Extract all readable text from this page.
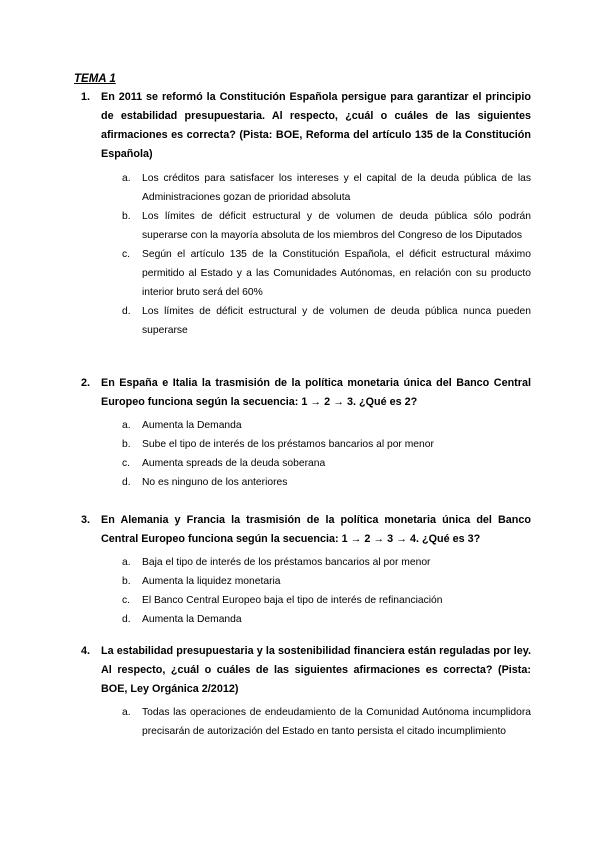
TEMA 1
1.	En 2011 se reformó la Constitución Española persigue para garantizar el principio de estabilidad presupuestaria. Al respecto, ¿cuál o cuáles de las siguientes afirmaciones es correcta? (Pista: BOE, Reforma del artículo 135 de la Constitución Española)
a.	Los créditos para satisfacer los intereses y el capital de la deuda pública de las Administraciones gozan de prioridad absoluta
b.	Los límites de déficit estructural y de volumen de deuda pública sólo podrán superarse con la mayoría absoluta de los miembros del Congreso de los Diputados
c.	Según el artículo 135 de la Constitución Española, el déficit estructural máximo permitido al Estado y a las Comunidades Autónomas, en relación con su producto interior bruto será del 60%
d.	Los límites de déficit estructural y de volumen de deuda pública nunca pueden superarse
2.	En España e Italia la trasmisión de la política monetaria única del Banco Central Europeo funciona según la secuencia: 1 → 2 → 3. ¿Qué es 2?
a.	Aumenta la Demanda
b.	Sube el tipo de interés de los préstamos bancarios al por menor
c.	Aumenta spreads de la deuda soberana
d.	No es ninguno de los anteriores
3.	En Alemania y Francia la trasmisión de la política monetaria única del Banco Central Europeo funciona según la secuencia: 1 → 2 → 3 → 4. ¿Qué es 3?
a.	Baja el tipo de interés de los préstamos bancarios al por menor
b.	Aumenta la liquidez monetaria
c.	El Banco Central Europeo baja el tipo de interés de refinanciación
d.	Aumenta la Demanda
4.	La estabilidad presupuestaria y la sostenibilidad financiera están reguladas por ley. Al respecto, ¿cuál o cuáles de las siguientes afirmaciones es correcta? (Pista: BOE, Ley Orgánica 2/2012)
a.	Todas las operaciones de endeudamiento de la Comunidad Autónoma incumplidora precisarán de autorización del Estado en tanto persista el citado incumplimiento
